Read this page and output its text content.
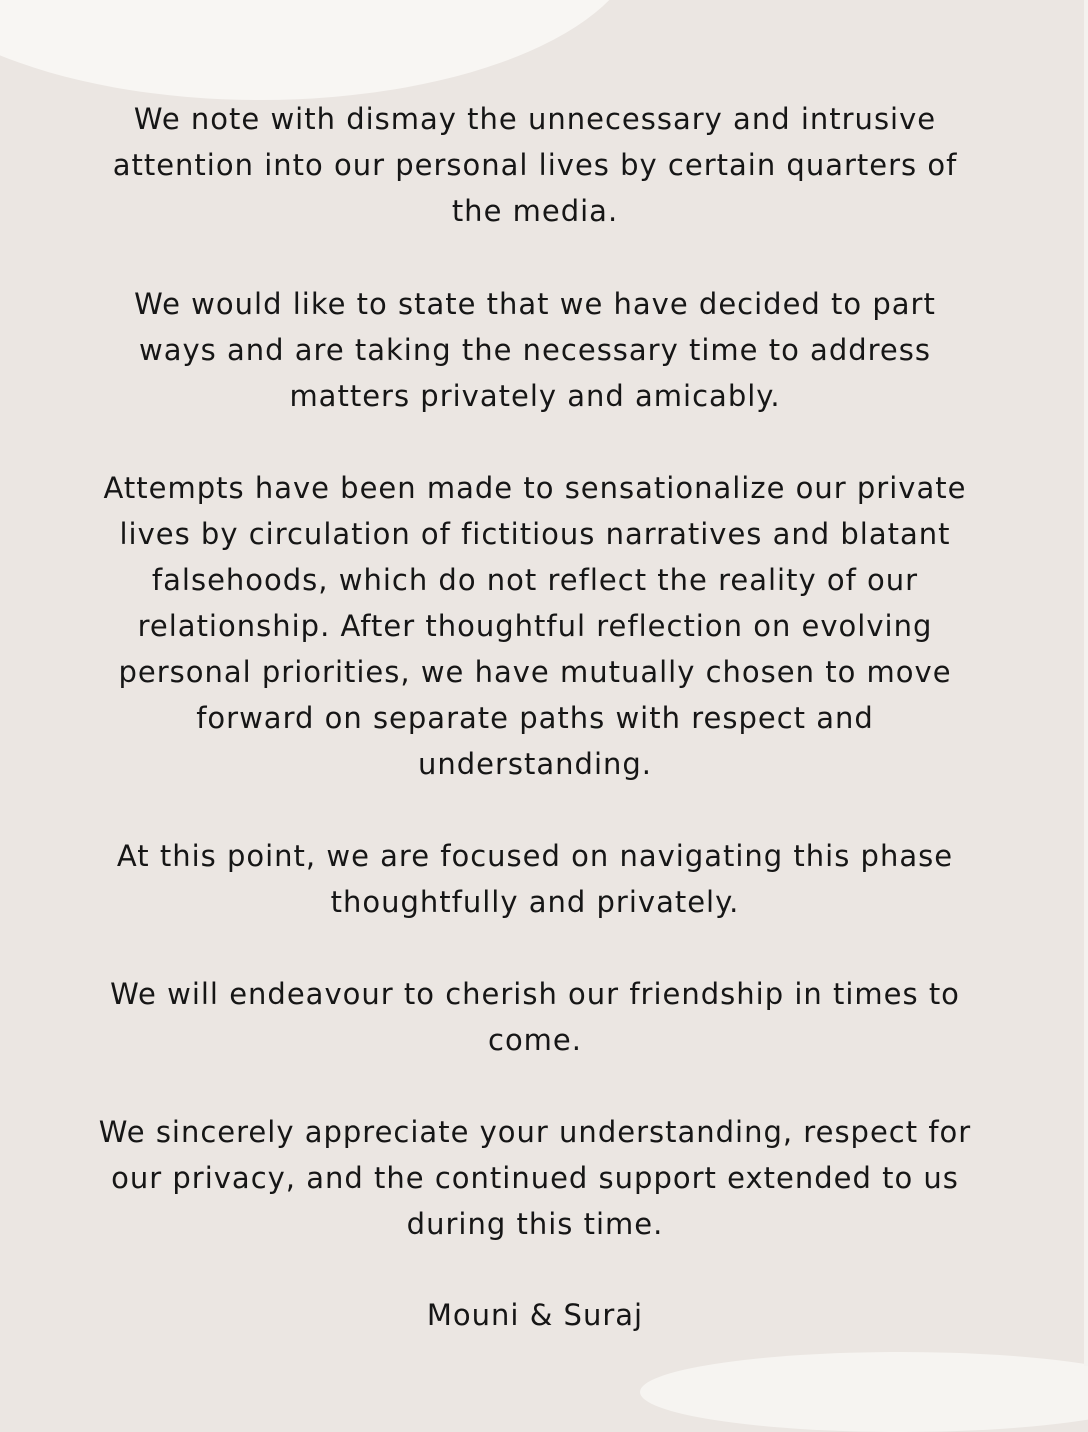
We note with dismay the unnecessary and intrusive
attention into our personal lives by certain quarters of
the media.

We would like to state that we have decided to part
ways and are taking the necessary time to address
matters privately and amicably.

Attempts have been made to sensationalize our private
lives by circulation of fictitious narratives and blatant
falsehoods, which do not reflect the reality of our
relationship. After thoughtful reflection on evolving
personal priorities, we have mutually chosen to move
forward on separate paths with respect and
understanding.

At this point, we are focused on navigating this phase
thoughtfully and privately.

We will endeavour to cherish our friendship in times to
come.

We sincerely appreciate your understanding, respect for
our privacy, and the continued support extended to us
during this time.

Mouni & Suraj
